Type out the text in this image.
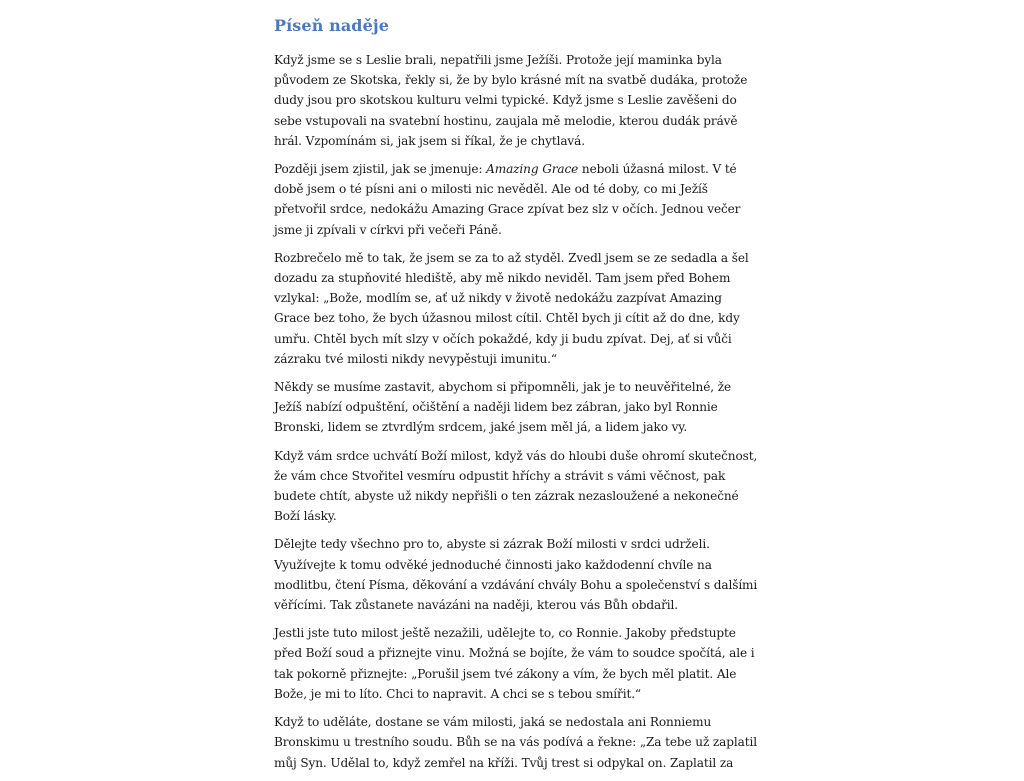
Píseň naděje

Když jsme se s Leslie brali, nepatřili jsme Ježíši. Protože její maminka byla původem ze Skotska, řekly si, že by bylo krásné mít na svatbě dudáka, protože dudy jsou pro skotskou kulturu velmi typické. Když jsme s Leslie zavěšeni do sebe vstupovali na svatební hostinu, zaujala mě melodie, kterou dudák právě hrál. Vzpomínám si, jak jsem si říkal, že je chytlavá.

Později jsem zjistil, jak se jmenuje: Amazing Grace neboli úžasná milost. V té době jsem o té písni ani o milosti nic nevěděl. Ale od té doby, co mi Ježíš přetvořil srdce, nedokážu Amazing Grace zpívat bez slz v očích. Jednou večer jsme ji zpívali v církvi při večeři Páně.

Rozbrečelo mě to tak, že jsem se za to až styděl. Zvedl jsem se ze sedadla a šel dozadu za stupňovité hlediště, aby mě nikdo neviděl. Tam jsem před Bohem vzlykal: „Bože, modlím se, ať už nikdy v životě nedokážu zazpívat Amazing Grace bez toho, že bych úžasnou milost cítil. Chtěl bych ji cítit až do dne, kdy umřu. Chtěl bych mít slzy v očích pokaždé, kdy ji budu zpívat. Dej, ať si vůči zázraku tvé milosti nikdy nevypěstuji imunitu.“

Někdy se musíme zastavit, abychom si připomněli, jak je to neuvěřitelné, že Ježíš nabízí odpuštění, očištění a naději lidem bez zábran, jako byl Ronnie Bronski, lidem se ztvrdlým srdcem, jaké jsem měl já, a lidem jako vy.

Když vám srdce uchvátí Boží milost, když vás do hloubi duše ohromí skutečnost, že vám chce Stvořitel vesmíru odpustit hříchy a strávit s vámi věčnost, pak budete chtít, abyste už nikdy nepřišli o ten zázrak nezasloužené a nekonečné Boží lásky.

Dělejte tedy všechno pro to, abyste si zázrak Boží milosti v srdci udrželi. Využívejte k tomu odvěké jednoduché činnosti jako každodenní chvíle na modlitbu, čtení Písma, děkování a vzdávání chvály Bohu a společenství s dalšími věřícími. Tak zůstanete navázáni na naději, kterou vás Bůh obdařil.

Jestli jste tuto milost ještě nezažili, udělejte to, co Ronnie. Jakoby předstupte před Boží soud a přiznejte vinu. Možná se bojíte, že vám to soudce spočítá, ale i tak pokorně přiznejte: „Porušil jsem tvé zákony a vím, že bych měl platit. Ale Bože, je mi to líto. Chci to napravit. A chci se s tebou smířit.“

Když to uděláte, dostane se vám milosti, jaká se nedostala ani Ronniemu Bronskimu u trestního soudu. Bůh se na vás podívá a řekne: „Za tebe už zaplatil můj Syn. Udělal to, když zemřel na kříži. Tvůj trest si odpykal on. Zaplatil za
